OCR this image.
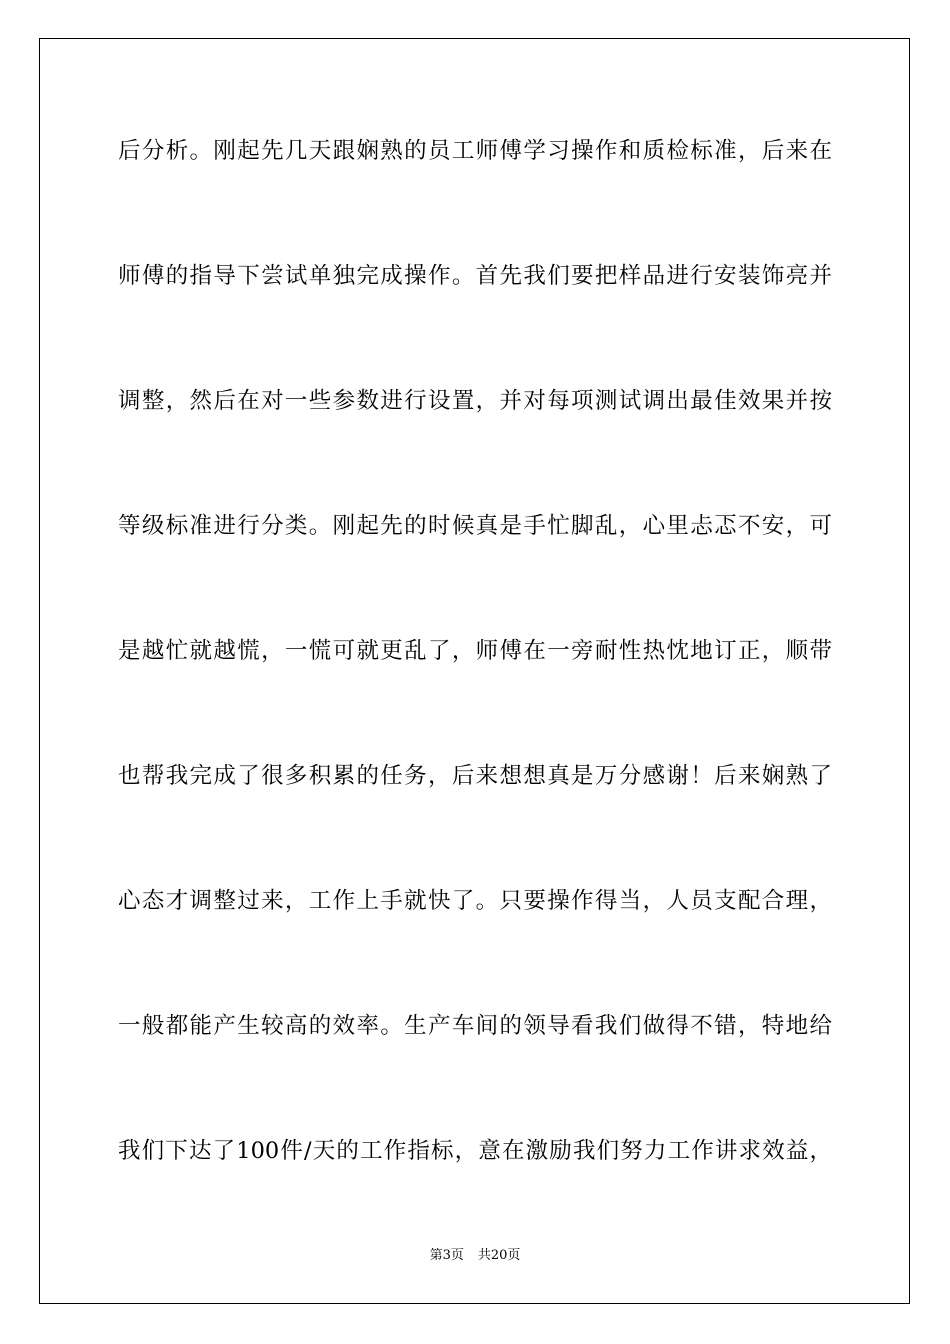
后分析。刚起先几天跟娴熟的员工师傅学习操作和质检标准，后来在
师傅的指导下尝试单独完成操作。首先我们要把样品进行安装饰亮并
调整，然后在对一些参数进行设置，并对每项测试调出最佳效果并按
等级标准进行分类。刚起先的时候真是手忙脚乱，心里忐忑不安，可
是越忙就越慌，一慌可就更乱了，师傅在一旁耐性热忱地订正，顺带
也帮我完成了很多积累的任务，后来想想真是万分感谢！后来娴熟了
心态才调整过来，工作上手就快了。只要操作得当，人员支配合理，
一般都能产生较高的效率。生产车间的领导看我们做得不错，特地给
我们下达了100件/天的工作指标，意在激励我们努力工作讲求效益，
第3页 共20页
